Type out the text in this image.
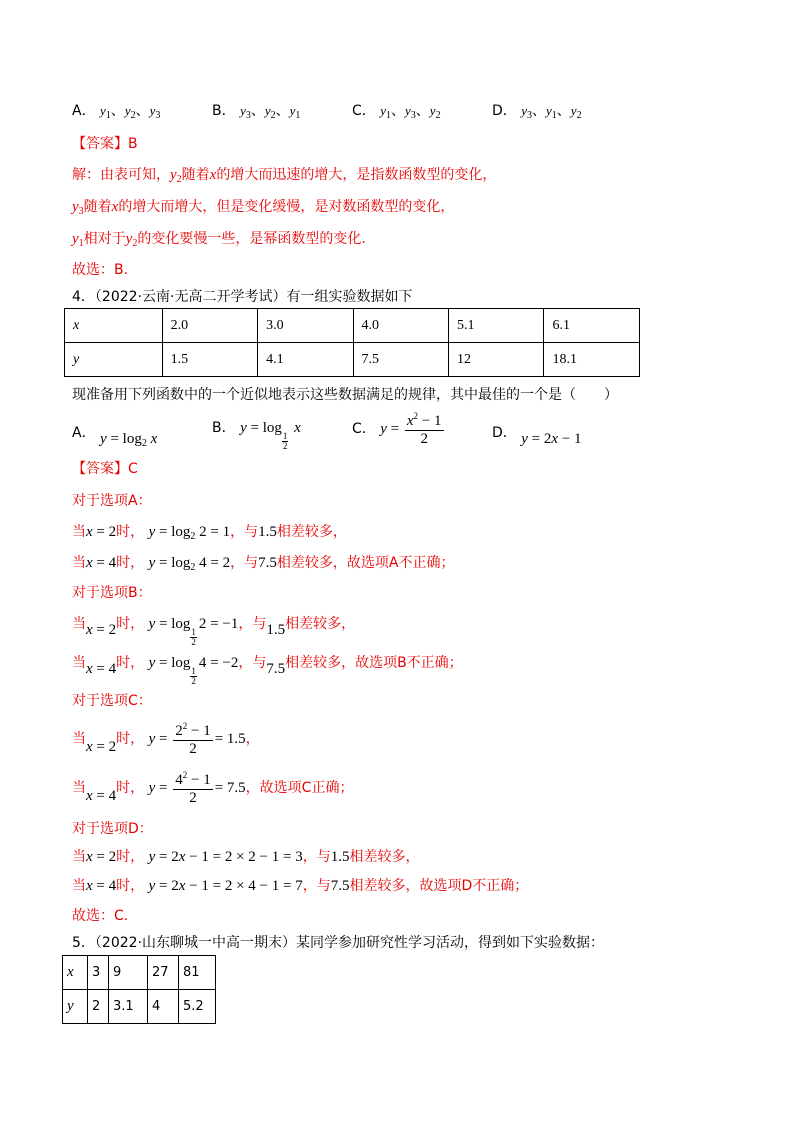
A． $y_1$、$y_2$、$y_3$	B． $y_3$、$y_2$、$y_1$	C． $y_1$、$y_3$、$y_2$	D． $y_3$、$y_1$、$y_2$
【答案】B
解：由表可知，$y_2$随着x的增大而迅速的增大，是指数函数型的变化，
$y_3$随着x的增大而增大，但是变化缓慢，是对数函数型的变化，
$y_1$相对于$y_2$的变化要慢一些，是幂函数型的变化.
故选：B.
4．（2022·云南·无高二开学考试）有一组实验数据如下
x	2.0	3.0	4.0	5.1	6.1
y	1.5	4.1	7.5	12	18.1
现准备用下列函数中的一个近似地表示这些数据满足的规律，其中最佳的一个是（　　）
A． $y = \log_2 x$
B． y = log
$\frac{1}{2}$
x	C． $y = \frac{x^2 - 1}{2}$	D． y = 2x − 1
【答案】C
对于选项A：
当x = 2时， $y = \log_2 2 = 1$，与1.5相差较多，
当x = 4时， $y = \log_2 4 = 2$，与7.5相差较多，故选项A不正确；
对于选项B：
当x = 2时， y = log
$\frac{1}{2}$
2 = −1，与1.5相差较多，
当x = 4时， y = log
$\frac{1}{2}$
4 = −2，与7.5相差较多，故选项B不正确；
对于选项C：
当x = 2时， $y = \frac{2^2 - 1}{2} = 1.5$，
当x = 4时， $y = \frac{4^2 - 1}{2} = 7.5$，故选项C正确；
对于选项D：
当x = 2时， y = 2x − 1 = 2 × 2 − 1 = 3，与1.5相差较多，
当x = 4时， y = 2x − 1 = 2 × 4 − 1 = 7，与7.5相差较多，故选项D不正确；
故选：C.
5．（2022·山东聊城一中高一期末）某同学参加研究性学习活动，得到如下实验数据：
x	3	9	27	81
y	2	3.1	4	5.2
